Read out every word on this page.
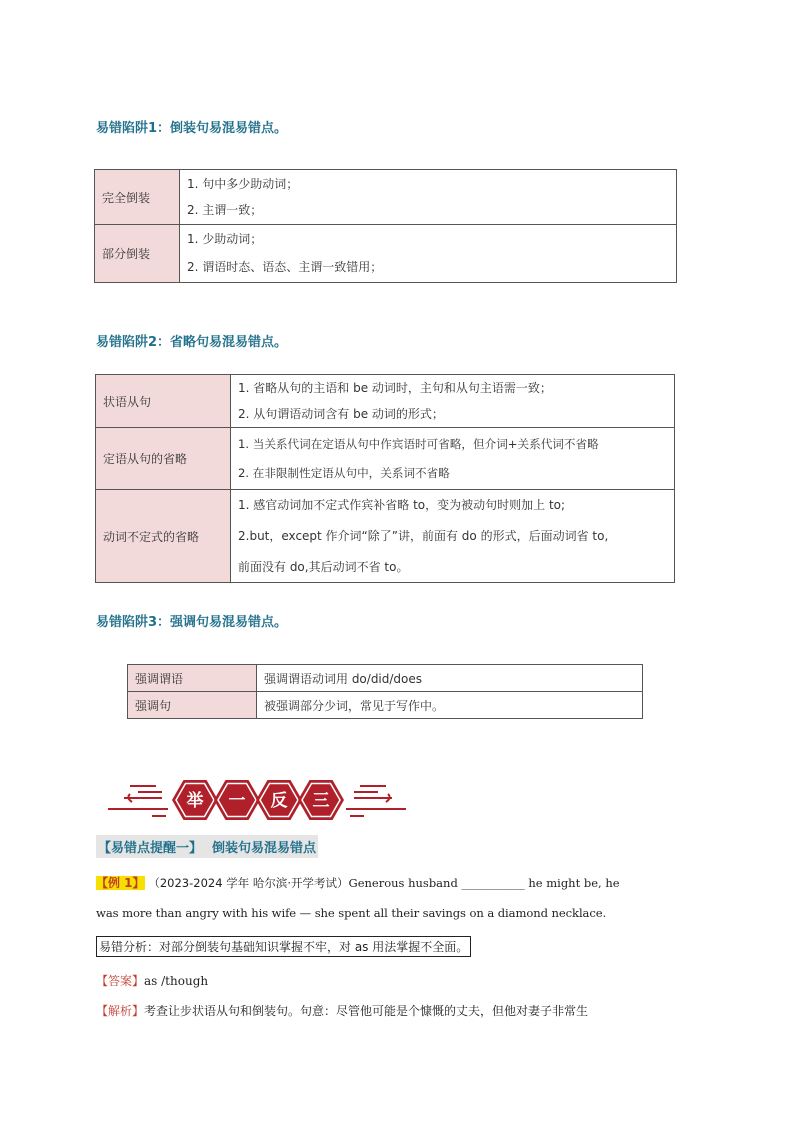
易错陷阱1：倒装句易混易错点。
完全倒装	1. 句中多少助动词；
2. 主谓一致；

部分倒装	1. 少助动词；
2. 谓语时态、语态、主谓一致错用；
易错陷阱2：省略句易混易错点。
状语从句	1. 省略从句的主语和 be 动词时，主句和从句主语需一致；
2. 从句谓语动词含有 be 动词的形式；

定语从句的省略	1. 当关系代词在定语从句中作宾语时可省略，但介词+关系代词不省略
2. 在非限制性定语从句中，关系词不省略

动词不定式的省略	1. 感官动词加不定式作宾补省略 to，变为被动句时则加上 to;
2.but，except 作介词“除了”讲，前面有 do 的形式，后面动词省 to,
前面没有 do,其后动词不省 to。
易错陷阱3：强调句易混易错点。
强调谓语	强调谓语动词用 do/did/does
强调句	被强调部分少词，常见于写作中。
举 一 反 三
【易错点提醒一】 倒装句易混易错点
【例 1】 （2023-2024 学年 哈尔滨·开学考试）Generous husband ___________ he might be, he
was more than angry with his wife — she spent all their savings on a diamond necklace.
易错分析：对部分倒装句基础知识掌握不牢，对 as 用法掌握不全面。
【答案】as /though
【解析】考查让步状语从句和倒装句。句意：尽管他可能是个慷慨的丈夫，但他对妻子非常生
